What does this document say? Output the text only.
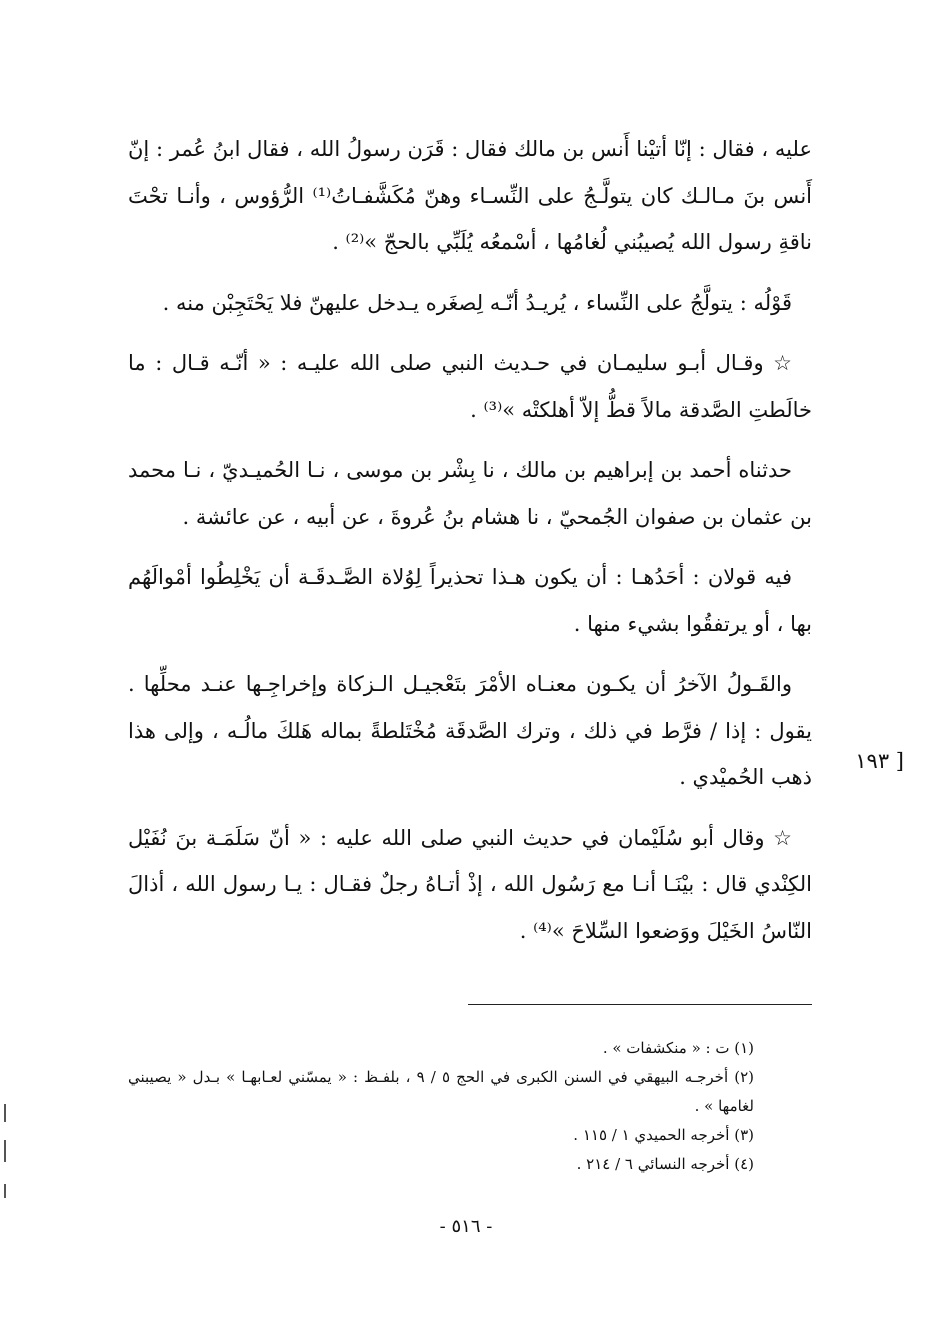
عليه ، فقال : إنّا أتيْنا أَنس بن مالك فقال : قَرَن رسولُ الله ، فقال ابنُ عُمر : إنّ أَنس بنَ مـالـك كان يتولَّـجُ على النِّسـاء وهنّ مُكَشَّفـاتُ⁽¹⁾ الرُّؤوس ، وأنـا تحْتَ ناقةِ رسول الله يُصيبُني لُغامُها ، أسْمعُه يُلَبِّي بالحجّ »⁽²⁾ .

قَوْلُه : يتولَّجُ على النِّساء ، يُريـدُ أنّـه لِصغَره يـدخل عليهنّ فلا يَحْتَجِبْن منه .

☆ وقـال أبـو سليمـان في حـديث النبي صلى الله عليـه : « أنّـه قـال : ما خالَطتِ الصَّدقة مالاً قطُّ إلاّ أهلكتْه »⁽³⁾ .

حدثناه أحمد بن إبراهيم بن مالك ، نا بِشْر بن موسى ، نـا الحُميـديّ ، نـا محمد بن عثمان بن صفوان الجُمحيّ ، نا هشام بنُ عُروةَ ، عن أبيه ، عن عائشة .

فيه قولان : أحَدُهـا : أن يكون هـذا تحذيراً لِوُلاة الصَّـدقَـة أن يَخْلِطُوا أمْوالَهُم بها ، أو يرتفقُوا بشيء منها .

والقَـولُ الآخرُ أن يكـون معنـاه الأمْرَ بتَعْجيـل الـزكاة وإخراجِـها عنـد محلِّها . يقول : إذا / فرَّط في ذلك ، وترك الصَّدقَة مُخْتَلطةً بماله هَلكَ مالُـه ، وإلى هذا ذهب الحُميْدي .

☆ وقال أبو سُلَيْمان في حديث النبي صلى الله عليه : « أنّ سَلَمَـة بنَ نُفَيْل الكِنْدي قال : بيْنَـا أنـا مع رَسُول الله ، إذْ أتـاهُ رجلٌ فقـال : يـا رسول الله ، أذالَ النّاسُ الخَيْلَ ووَضعوا السِّلاحَ »⁽⁴⁾ .

[ ١٩٣

(١) ت : « منكشفات » .

(٢) أخرجـه البيهقي في السنن الكبرى في الحج ٥ / ٩ ، بلفـظ : « يمسّني لعـابهـا » بـدل « يصيبني لغامها » .

(٣) أخرجه الحميدي ١ / ١١٥ .

(٤) أخرجه النسائي ٦ / ٢١٤ .

- ٥١٦ -
